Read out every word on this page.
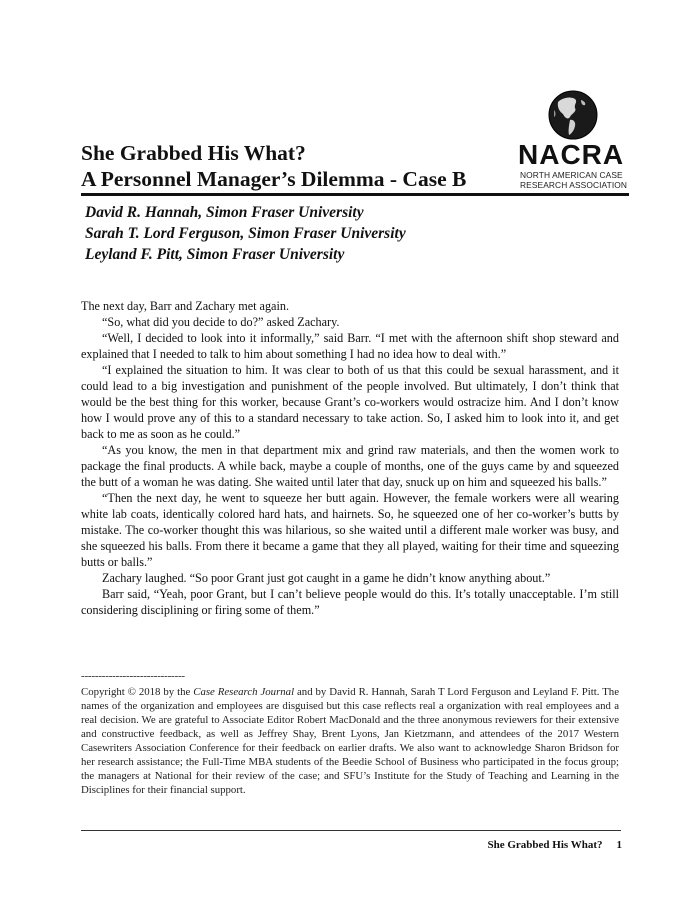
She Grabbed His What?
A Personnel Manager’s Dilemma - Case B
NACRA
NORTH AMERICAN CASE
RESEARCH ASSOCIATION
David R. Hannah, Simon Fraser University
Sarah T. Lord Ferguson, Simon Fraser University
Leyland F. Pitt, Simon Fraser University

The next day, Barr and Zachary met again.

“So, what did you decide to do?” asked Zachary.

“Well, I decided to look into it informally,” said Barr. “I met with the afternoon shift shop steward and explained that I needed to talk to him about something I had no idea how to deal with.”

“I explained the situation to him. It was clear to both of us that this could be sexual harassment, and it could lead to a big investigation and punishment of the people involved. But ultimately, I don’t think that would be the best thing for this worker, because Grant’s co-workers would ostracize him. And I don’t know how I would prove any of this to a standard necessary to take action. So, I asked him to look into it, and get back to me as soon as he could.”

“As you know, the men in that department mix and grind raw materials, and then the women work to package the final products. A while back, maybe a couple of months, one of the guys came by and squeezed the butt of a woman he was dating. She waited until later that day, snuck up on him and squeezed his balls.”

“Then the next day, he went to squeeze her butt again. However, the female workers were all wearing white lab coats, identically colored hard hats, and hairnets. So, he squeezed one of her co-worker’s butts by mistake. The co-worker thought this was hilarious, so she waited until a different male worker was busy, and she squeezed his balls. From there it became a game that they all played, waiting for their time and squeezing butts or balls.”

Zachary laughed. “So poor Grant just got caught in a game he didn’t know anything about.”

Barr said, “Yeah, poor Grant, but I can’t believe people would do this. It’s totally unacceptable. I’m still considering disciplining or firing some of them.”

------------------------------
Copyright © 2018 by the Case Research Journal and by David R. Hannah, Sarah T Lord Ferguson and Leyland F. Pitt. The names of the organization and employees are disguised but this case reflects real a organization with real employees and a real decision. We are grateful to Associate Editor Robert MacDonald and the three anonymous reviewers for their extensive and constructive feedback, as well as Jeffrey Shay, Brent Lyons, Jan Kietzmann, and attendees of the 2017 Western Casewriters Association Conference for their feedback on earlier drafts. We also want to acknowledge Sharon Bridson for her research assistance; the Full-Time MBA students of the Beedie School of Business who participated in the focus group; the managers at National for their review of the case; and SFU’s Institute for the Study of Teaching and Learning in the Disciplines for their financial support.
She Grabbed His What? 1
